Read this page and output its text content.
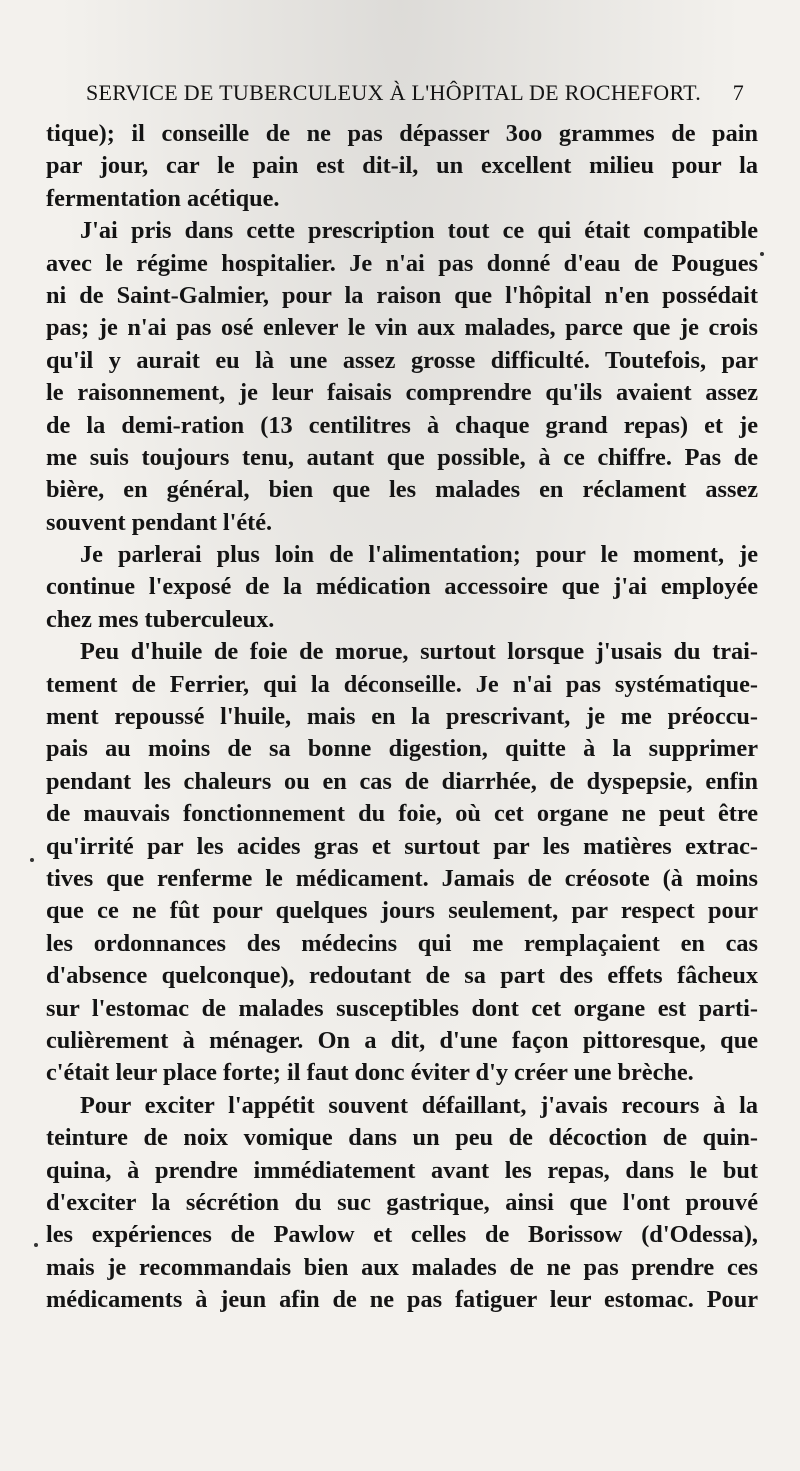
SERVICE DE TUBERCULEUX À L'HÔPITAL DE ROCHEFORT. 7
tique); il conseille de ne pas dépasser 3oo grammes de pain
par jour, car le pain est dit-il, un excellent milieu pour la
fermentation acétique.
J'ai pris dans cette prescription tout ce qui était compatible
avec le régime hospitalier. Je n'ai pas donné d'eau de Pougues
ni de Saint-Galmier, pour la raison que l'hôpital n'en possédait
pas; je n'ai pas osé enlever le vin aux malades, parce que je crois
qu'il y aurait eu là une assez grosse difficulté. Toutefois, par
le raisonnement, je leur faisais comprendre qu'ils avaient assez
de la demi-ration (13 centilitres à chaque grand repas) et je
me suis toujours tenu, autant que possible, à ce chiffre. Pas de
bière, en général, bien que les malades en réclament assez
souvent pendant l'été.
Je parlerai plus loin de l'alimentation; pour le moment, je
continue l'exposé de la médication accessoire que j'ai employée
chez mes tuberculeux.
Peu d'huile de foie de morue, surtout lorsque j'usais du trai-
tement de Ferrier, qui la déconseille. Je n'ai pas systématique-
ment repoussé l'huile, mais en la prescrivant, je me préoccu-
pais au moins de sa bonne digestion, quitte à la supprimer
pendant les chaleurs ou en cas de diarrhée, de dyspepsie, enfin
de mauvais fonctionnement du foie, où cet organe ne peut être
qu'irrité par les acides gras et surtout par les matières extrac-
tives que renferme le médicament. Jamais de créosote (à moins
que ce ne fût pour quelques jours seulement, par respect pour
les ordonnances des médecins qui me remplaçaient en cas
d'absence quelconque), redoutant de sa part des effets fâcheux
sur l'estomac de malades susceptibles dont cet organe est parti-
culièrement à ménager. On a dit, d'une façon pittoresque, que
c'était leur place forte; il faut donc éviter d'y créer une brèche.
Pour exciter l'appétit souvent défaillant, j'avais recours à la
teinture de noix vomique dans un peu de décoction de quin-
quina, à prendre immédiatement avant les repas, dans le but
d'exciter la sécrétion du suc gastrique, ainsi que l'ont prouvé
les expériences de Pawlow et celles de Borissow (d'Odessa),
mais je recommandais bien aux malades de ne pas prendre ces
médicaments à jeun afin de ne pas fatiguer leur estomac. Pour
